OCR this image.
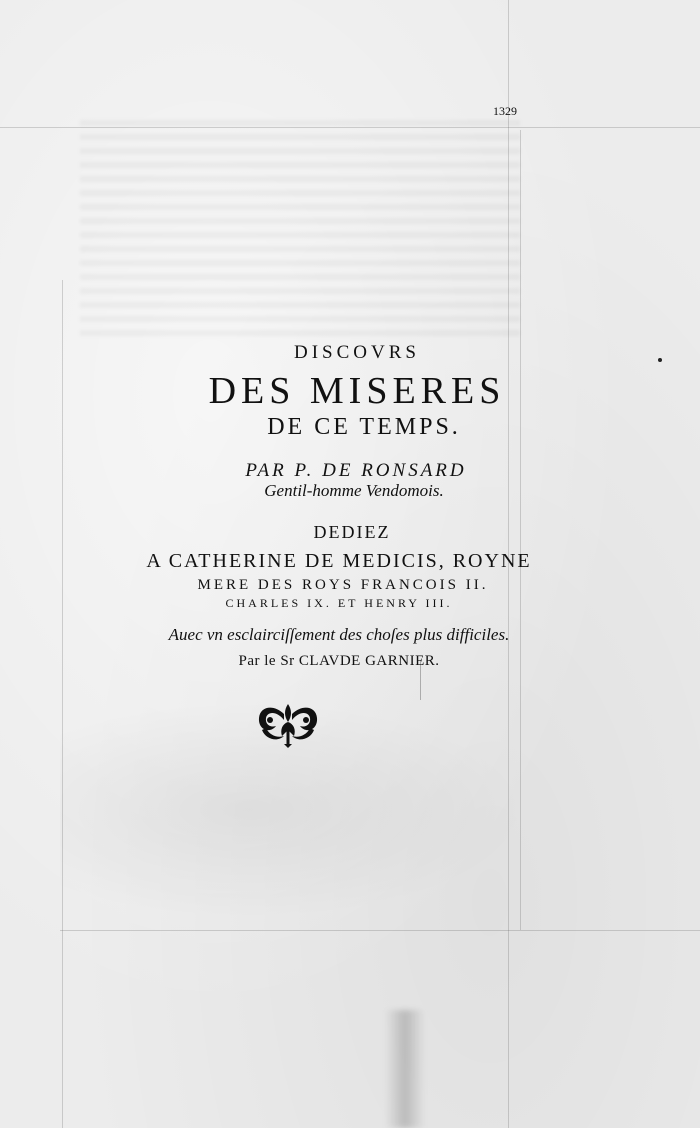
1329
DISCOVRS
DES MISERES
DE CE TEMPS.
PAR P. DE RONSARD
Gentil-homme Vendomois.
DEDIEZ
A CATHERINE DE MEDICIS, ROYNE
MERE DES ROYS FRANCOIS II.
CHARLES IX. ET HENRY III.
Auec vn esclairciſſement des choſes plus difficiles.
Par le Sr CLAVDE GARNIER.
